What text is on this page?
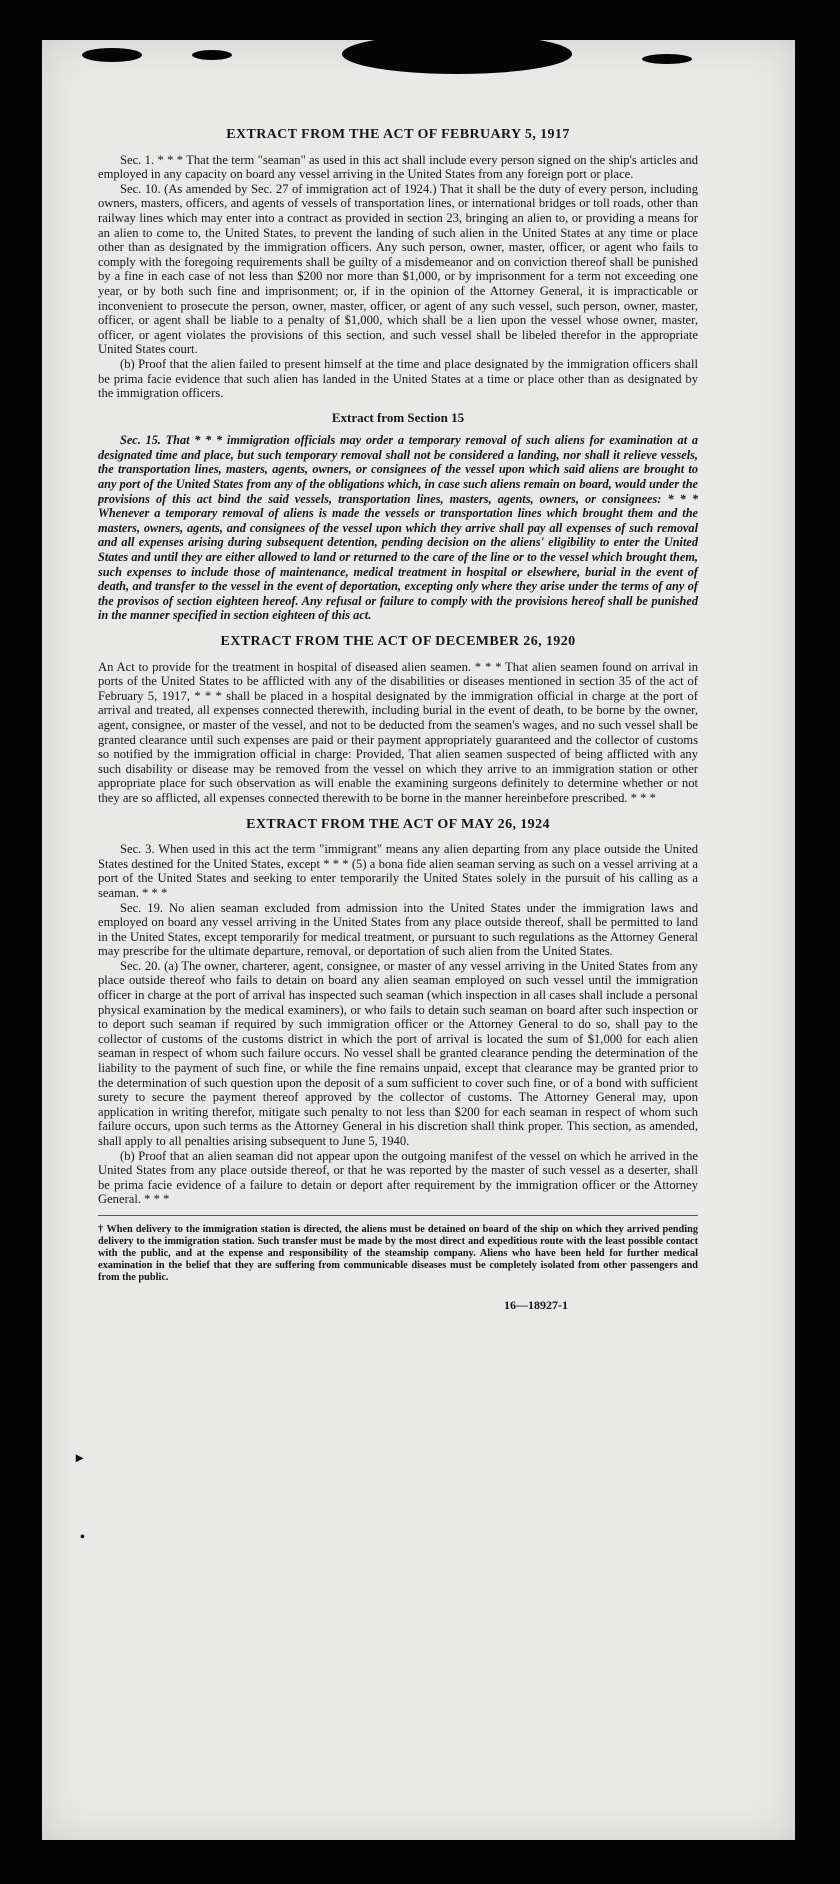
▸
•
EXTRACT FROM THE ACT OF FEBRUARY 5, 1917

Sec. 1. * * * That the term "seaman" as used in this act shall include every person signed on the ship's articles and employed in any capacity on board any vessel arriving in the United States from any foreign port or place.

Sec. 10. (As amended by Sec. 27 of immigration act of 1924.) That it shall be the duty of every person, including owners, masters, officers, and agents of vessels of transportation lines, or international bridges or toll roads, other than railway lines which may enter into a contract as provided in section 23, bringing an alien to, or providing a means for an alien to come to, the United States, to prevent the landing of such alien in the United States at any time or place other than as designated by the immigration officers. Any such person, owner, master, officer, or agent who fails to comply with the foregoing requirements shall be guilty of a misdemeanor and on conviction thereof shall be punished by a fine in each case of not less than $200 nor more than $1,000, or by imprisonment for a term not exceeding one year, or by both such fine and imprisonment; or, if in the opinion of the Attorney General, it is impracticable or inconvenient to prosecute the person, owner, master, officer, or agent of any such vessel, such person, owner, master, officer, or agent shall be liable to a penalty of $1,000, which shall be a lien upon the vessel whose owner, master, officer, or agent violates the provisions of this section, and such vessel shall be libeled therefor in the appropriate United States court.

(b) Proof that the alien failed to present himself at the time and place designated by the immigration officers shall be prima facie evidence that such alien has landed in the United States at a time or place other than as designated by the immigration officers.

Extract from Section 15

Sec. 15. That * * * immigration officials may order a temporary removal of such aliens for examination at a designated time and place, but such temporary removal shall not be considered a landing, nor shall it relieve vessels, the transportation lines, masters, agents, owners, or consignees of the vessel upon which said aliens are brought to any port of the United States from any of the obligations which, in case such aliens remain on board, would under the provisions of this act bind the said vessels, transportation lines, masters, agents, owners, or consignees: * * * Whenever a temporary removal of aliens is made the vessels or transportation lines which brought them and the masters, owners, agents, and consignees of the vessel upon which they arrive shall pay all expenses of such removal and all expenses arising during subsequent detention, pending decision on the aliens' eligibility to enter the United States and until they are either allowed to land or returned to the care of the line or to the vessel which brought them, such expenses to include those of maintenance, medical treatment in hospital or elsewhere, burial in the event of death, and transfer to the vessel in the event of deportation, excepting only where they arise under the terms of any of the provisos of section eighteen hereof. Any refusal or failure to comply with the provisions hereof shall be punished in the manner specified in section eighteen of this act.

EXTRACT FROM THE ACT OF DECEMBER 26, 1920

An Act to provide for the treatment in hospital of diseased alien seamen. * * * That alien seamen found on arrival in ports of the United States to be afflicted with any of the disabilities or diseases mentioned in section 35 of the act of February 5, 1917, * * * shall be placed in a hospital designated by the immigration official in charge at the port of arrival and treated, all expenses connected therewith, including burial in the event of death, to be borne by the owner, agent, consignee, or master of the vessel, and not to be deducted from the seamen's wages, and no such vessel shall be granted clearance until such expenses are paid or their payment appropriately guaranteed and the collector of customs so notified by the immigration official in charge: Provided, That alien seamen suspected of being afflicted with any such disability or disease may be removed from the vessel on which they arrive to an immigration station or other appropriate place for such observation as will enable the examining surgeons definitely to determine whether or not they are so afflicted, all expenses connected therewith to be borne in the manner hereinbefore prescribed. * * *

EXTRACT FROM THE ACT OF MAY 26, 1924

Sec. 3. When used in this act the term "immigrant" means any alien departing from any place outside the United States destined for the United States, except * * * (5) a bona fide alien seaman serving as such on a vessel arriving at a port of the United States and seeking to enter temporarily the United States solely in the pursuit of his calling as a seaman. * * *

Sec. 19. No alien seaman excluded from admission into the United States under the immigration laws and employed on board any vessel arriving in the United States from any place outside thereof, shall be permitted to land in the United States, except temporarily for medical treatment, or pursuant to such regulations as the Attorney General may prescribe for the ultimate departure, removal, or deportation of such alien from the United States.

Sec. 20. (a) The owner, charterer, agent, consignee, or master of any vessel arriving in the United States from any place outside thereof who fails to detain on board any alien seaman employed on such vessel until the immigration officer in charge at the port of arrival has inspected such seaman (which inspection in all cases shall include a personal physical examination by the medical examiners), or who fails to detain such seaman on board after such inspection or to deport such seaman if required by such immigration officer or the Attorney General to do so, shall pay to the collector of customs of the customs district in which the port of arrival is located the sum of $1,000 for each alien seaman in respect of whom such failure occurs. No vessel shall be granted clearance pending the determination of the liability to the payment of such fine, or while the fine remains unpaid, except that clearance may be granted prior to the determination of such question upon the deposit of a sum sufficient to cover such fine, or of a bond with sufficient surety to secure the payment thereof approved by the collector of customs. The Attorney General may, upon application in writing therefor, mitigate such penalty to not less than $200 for each seaman in respect of whom such failure occurs, upon such terms as the Attorney General in his discretion shall think proper. This section, as amended, shall apply to all penalties arising subsequent to June 5, 1940.

(b) Proof that an alien seaman did not appear upon the outgoing manifest of the vessel on which he arrived in the United States from any place outside thereof, or that he was reported by the master of such vessel as a deserter, shall be prima facie evidence of a failure to detain or deport after requirement by the immigration officer or the Attorney General. * * *

† When delivery to the immigration station is directed, the aliens must be detained on board of the ship on which they arrived pending delivery to the immigration station. Such transfer must be made by the most direct and expeditious route with the least possible contact with the public, and at the expense and responsibility of the steamship company. Aliens who have been held for further medical examination in the belief that they are suffering from communicable diseases must be completely isolated from other passengers and from the public.
16—18927-1
